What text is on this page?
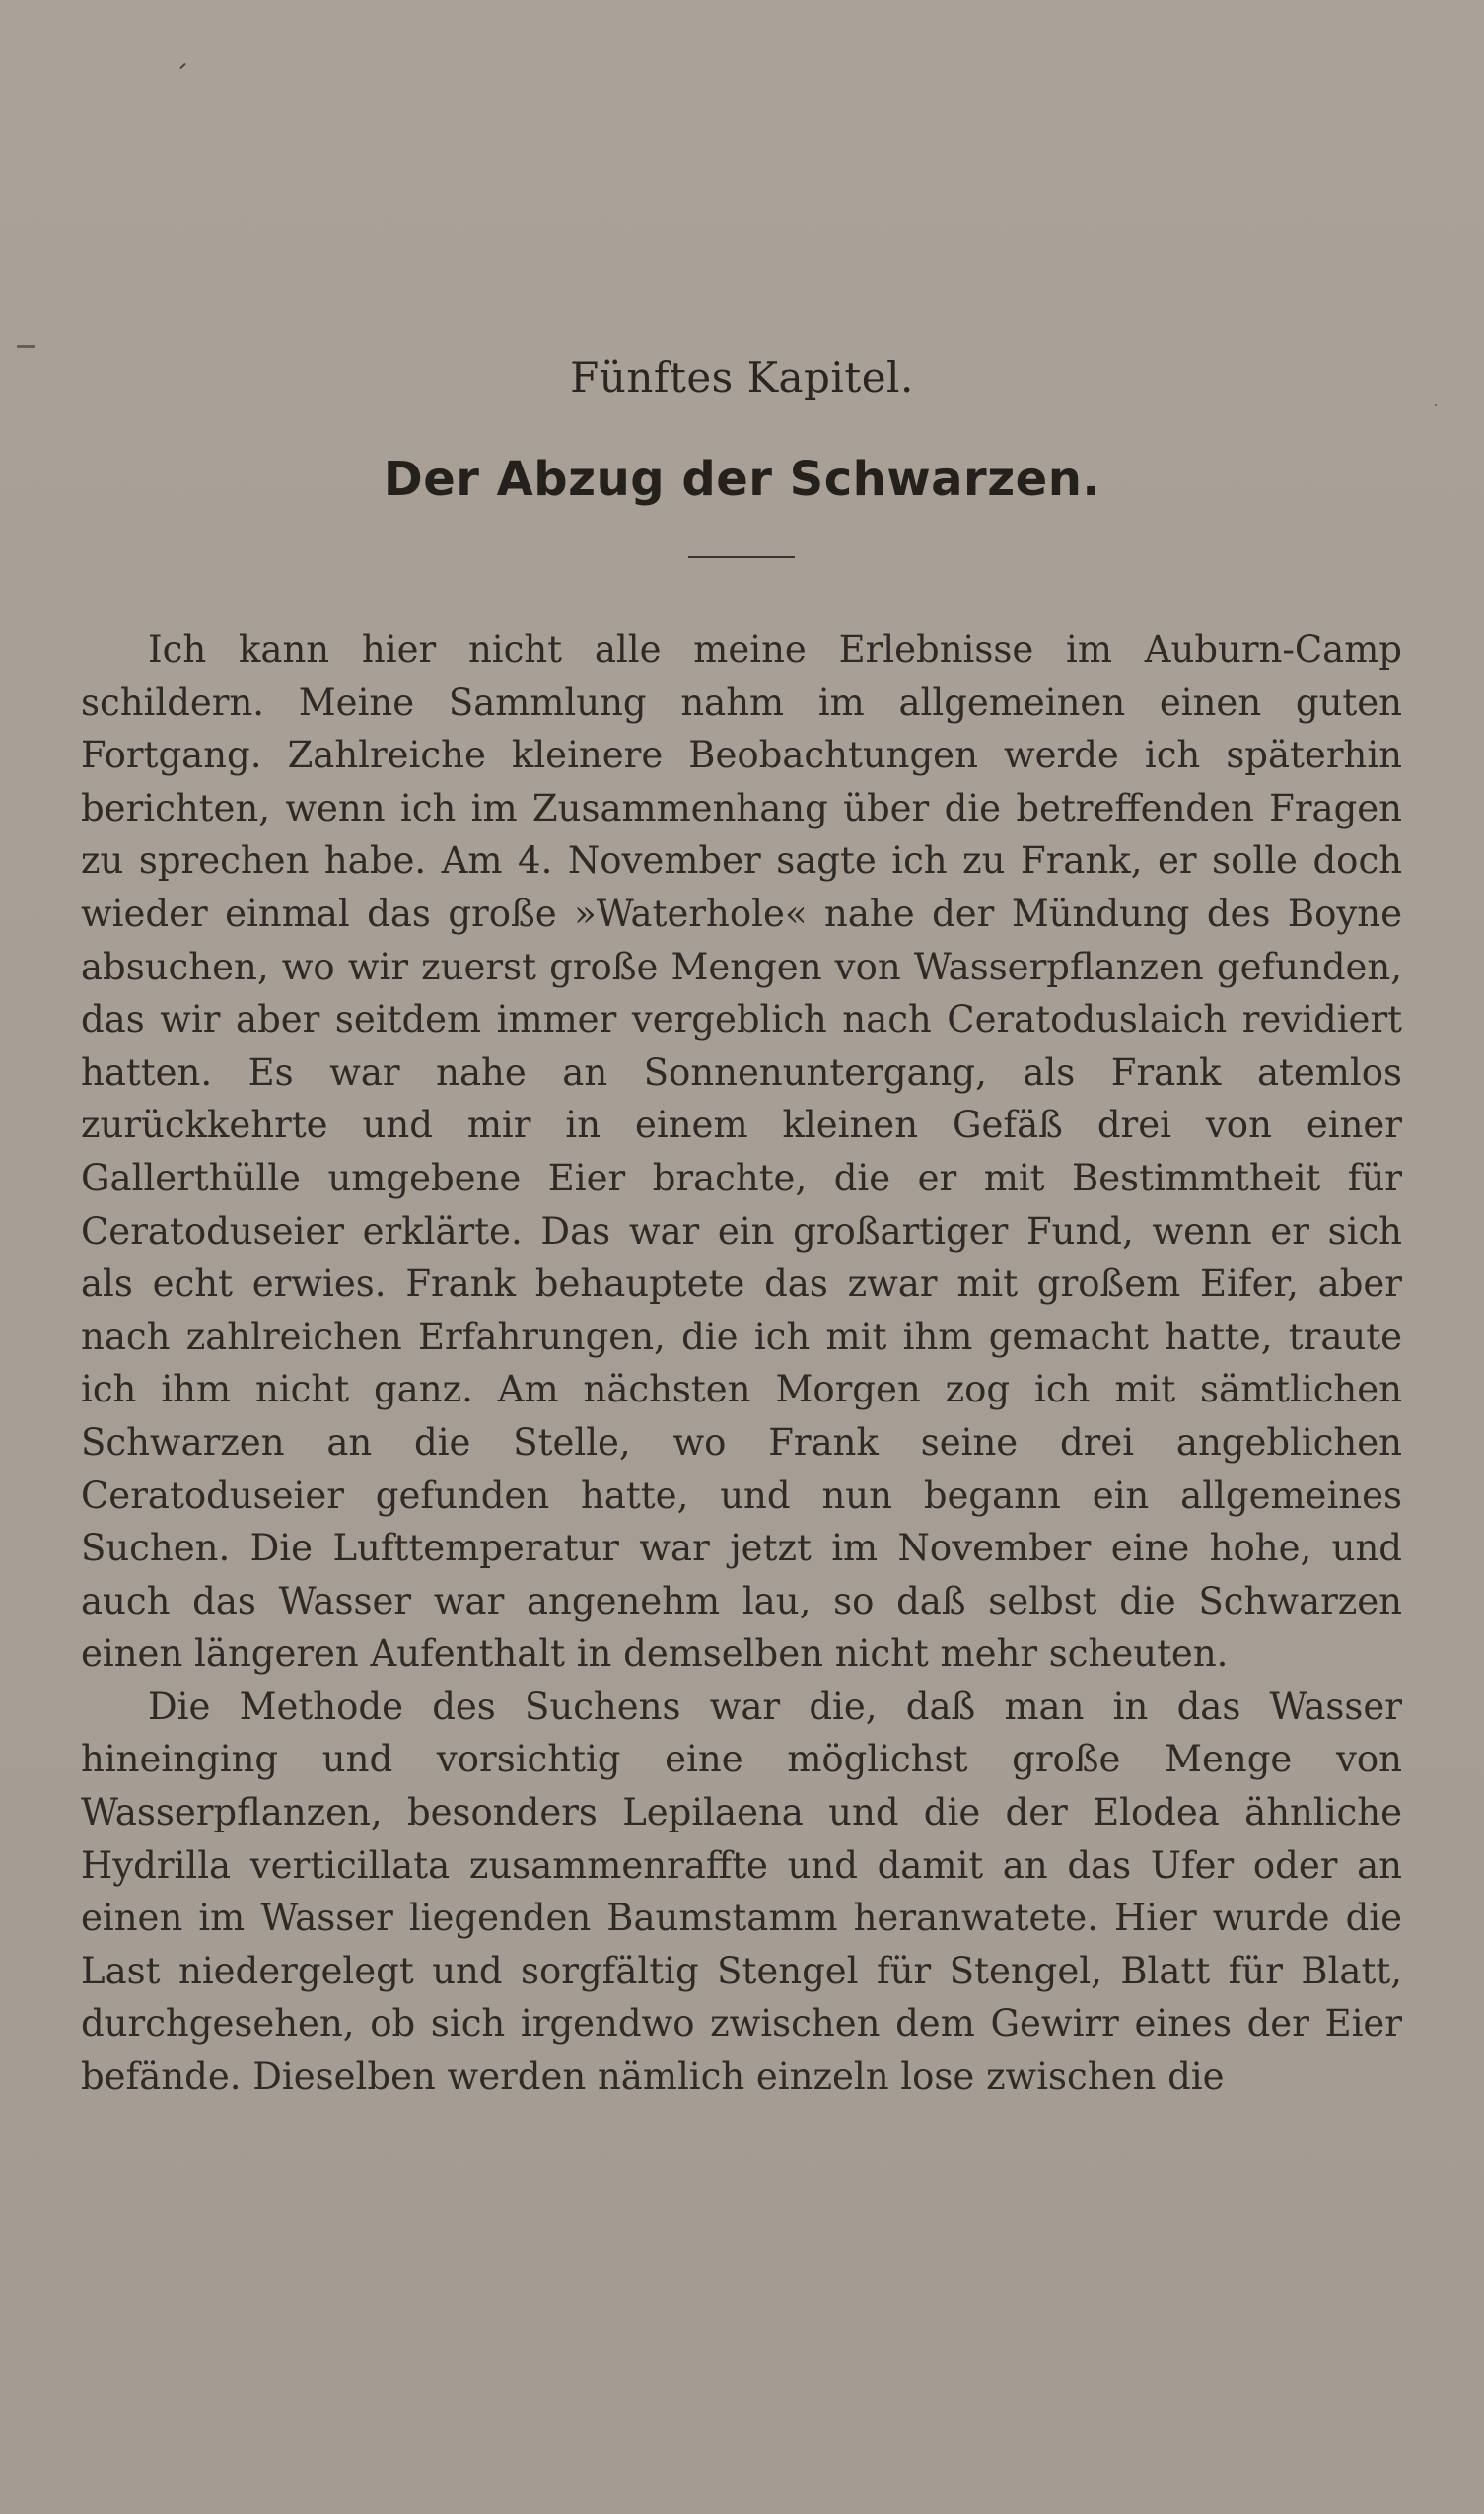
Fünftes Kapitel.
Der Abzug der Schwarzen.

Ich kann hier nicht alle meine Erlebnisse im Auburn-Camp schildern. Meine Sammlung nahm im allgemeinen einen guten Fortgang. Zahlreiche kleinere Beobachtungen werde ich späterhin berichten, wenn ich im Zusammenhang über die betreffenden Fragen zu sprechen habe. Am 4. November sagte ich zu Frank, er solle doch wieder einmal das große »Waterhole« nahe der Mündung des Boyne absuchen, wo wir zuerst große Mengen von Wasserpflanzen gefunden, das wir aber seitdem immer vergeblich nach Ceratoduslaich revidiert hatten. Es war nahe an Sonnenuntergang, als Frank atemlos zurückkehrte und mir in einem kleinen Gefäß drei von einer Gallerthülle umgebene Eier brachte, die er mit Bestimmtheit für Ceratoduseier erklärte. Das war ein großartiger Fund, wenn er sich als echt erwies. Frank behauptete das zwar mit großem Eifer, aber nach zahlreichen Erfahrungen, die ich mit ihm gemacht hatte, traute ich ihm nicht ganz. Am nächsten Morgen zog ich mit sämtlichen Schwarzen an die Stelle, wo Frank seine drei angeblichen Ceratoduseier gefunden hatte, und nun begann ein allgemeines Suchen. Die Lufttemperatur war jetzt im November eine hohe, und auch das Wasser war angenehm lau, so daß selbst die Schwarzen einen längeren Aufenthalt in demselben nicht mehr scheuten.

Die Methode des Suchens war die, daß man in das Wasser hineinging und vorsichtig eine möglichst große Menge von Wasserpflanzen, besonders Lepilaena und die der Elodea ähnliche Hydrilla verticillata zusammenraffte und damit an das Ufer oder an einen im Wasser liegenden Baumstamm heranwatete. Hier wurde die Last niedergelegt und sorgfältig Stengel für Stengel, Blatt für Blatt, durchgesehen, ob sich irgendwo zwischen dem Gewirr eines der Eier befände. Dieselben werden nämlich einzeln lose zwischen die
